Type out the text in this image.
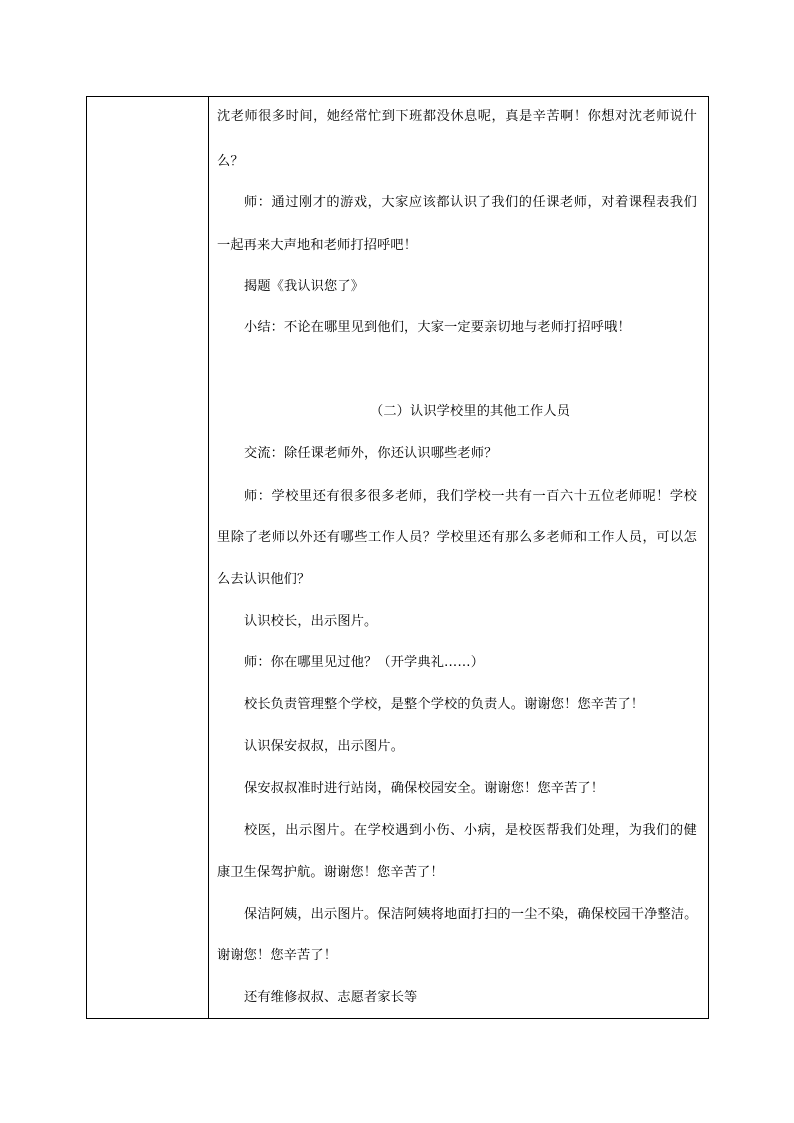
沈老师很多时间，她经常忙到下班都没休息呢，真是辛苦啊！你想对沈老师说什
么？
师：通过刚才的游戏，大家应该都认识了我们的任课老师，对着课程表我们
一起再来大声地和老师打招呼吧！
揭题《我认识您了》
小结：不论在哪里见到他们，大家一定要亲切地与老师打招呼哦！
（二）认识学校里的其他工作人员
交流：除任课老师外，你还认识哪些老师？
师：学校里还有很多很多老师，我们学校一共有一百六十五位老师呢！学校
里除了老师以外还有哪些工作人员？学校里还有那么多老师和工作人员，可以怎
么去认识他们？
认识校长，出示图片。
师：你在哪里见过他？（开学典礼……）
校长负责管理整个学校，是整个学校的负责人。谢谢您！您辛苦了！
认识保安叔叔，出示图片。
保安叔叔准时进行站岗，确保校园安全。谢谢您！您辛苦了！
校医，出示图片。在学校遇到小伤、小病，是校医帮我们处理，为我们的健
康卫生保驾护航。谢谢您！您辛苦了！
保洁阿姨，出示图片。保洁阿姨将地面打扫的一尘不染，确保校园干净整洁。
谢谢您！您辛苦了！
还有维修叔叔、志愿者家长等
